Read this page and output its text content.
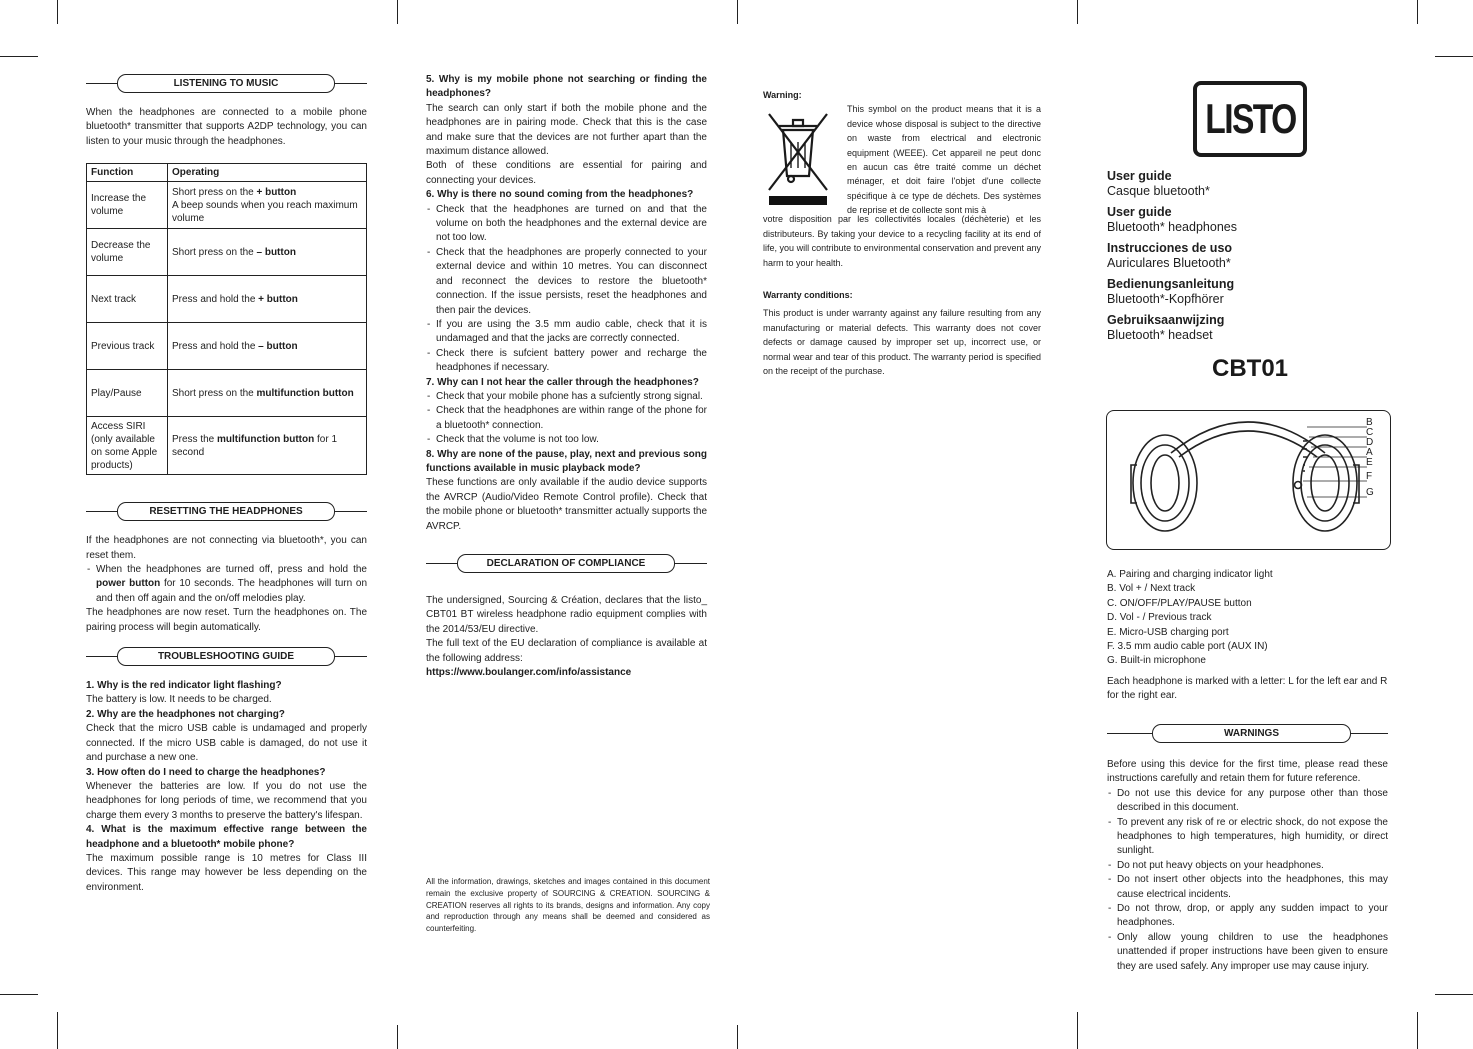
LISTENING TO MUSIC

When the headphones are connected to a mobile phone bluetooth* transmitter that supports A2DP technology, you can listen to your music through the headphones.

Function	Operating
Increase the volume	Short press on the + button
A beep sounds when you reach maximum volume
Decrease the volume	Short press on the – button
Next track	Press and hold the + button
Previous track	Press and hold the – button
Play/Pause	Short press on the multifunction button
Access SIRI (only available on some Apple products)	Press the multifunction button for 1 second
RESETTING THE HEADPHONES

If the headphones are not connecting via bluetooth*, you can reset them.

- When the headphones are turned off, press and hold the power button for 10 seconds. The headphones will turn on and then off again and the on/off melodies play.

The headphones are now reset. Turn the headphones on. The pairing process will begin automatically.

TROUBLESHOOTING GUIDE

1. Why is the red indicator light flashing?

The battery is low. It needs to be charged.

2. Why are the headphones not charging?

Check that the micro USB cable is undamaged and properly connected. If the micro USB cable is damaged, do not use it and purchase a new one.

3. How often do I need to charge the headphones?

Whenever the batteries are low. If you do not use the headphones for long periods of time, we recommend that you charge them every 3 months to preserve the battery's lifespan.

4. What is the maximum effective range between the headphone and a bluetooth* mobile phone?

The maximum possible range is 10 metres for Class III devices. This range may however be less depending on the environment.

5. Why is my mobile phone not searching or finding the headphones?

The search can only start if both the mobile phone and the headphones are in pairing mode. Check that this is the case and make sure that the devices are not further apart than the maximum distance allowed.

Both of these conditions are essential for pairing and connecting your devices.

6. Why is there no sound coming from the headphones?

- Check that the headphones are turned on and that the volume on both the headphones and the external device are not too low.
- Check that the headphones are properly connected to your external device and within 10 metres. You can disconnect and reconnect the devices to restore the bluetooth* connection. If the issue persists, reset the headphones and then pair the devices.
- If you are using the 3.5 mm audio cable, check that it is undamaged and that the jacks are correctly connected.
- Check there is sufcient battery power and recharge the headphones if necessary.

7. Why can I not hear the caller through the headphones?

- Check that your mobile phone has a sufciently strong signal.
- Check that the headphones are within range of the phone for a bluetooth* connection.
- Check that the volume is not too low.

8. Why are none of the pause, play, next and previous song functions available in music playback mode?

These functions are only available if the audio device supports the AVRCP (Audio/Video Remote Control profile). Check that the mobile phone or bluetooth* transmitter actually supports the AVRCP.

DECLARATION OF COMPLIANCE

The undersigned, Sourcing & Création, declares that the listo_ CBT01 BT wireless headphone radio equipment complies with the 2014/53/EU directive.

The full text of the EU declaration of compliance is available at the following address:

https://www.boulanger.com/info/assistance

All the information, drawings, sketches and images contained in this document remain the exclusive property of SOURCING & CREATION. SOURCING & CREATION reserves all rights to its brands, designs and information. Any copy and reproduction through any means shall be deemed and considered as counterfeiting.
Warning:

This symbol on the product means that it is a device whose disposal is subject to the directive on waste from electrical and electronic equipment (WEEE). Cet appareil ne peut donc en aucun cas être traité comme un déchet ménager, et doit faire l'objet d'une collecte spécifique à ce type de déchets. Des systèmes de reprise et de collecte sont mis à

votre disposition par les collectivités locales (déchèterie) et les distributeurs. By taking your device to a recycling facility at its end of life, you will contribute to environmental conservation and prevent any harm to your health.

Warranty conditions:

This product is under warranty against any failure resulting from any manufacturing or material defects. This warranty does not cover defects or damage caused by improper set up, incorrect use, or normal wear and tear of this product. The warranty period is specified on the receipt of the purchase.

LISTO
User guide
Casque bluetooth*
User guide
Bluetooth* headphones
Instrucciones de uso
Auriculares Bluetooth*
Bedienungsanleitung
Bluetooth*-Kopfhörer
Gebruiksaanwijzing
Bluetooth* headset
CBT01
B
C
D
A
E
F
G
A. Pairing and charging indicator light
B. Vol + / Next track
C. ON/OFF/PLAY/PAUSE button
D. Vol - / Previous track
E. Micro-USB charging port
F. 3.5 mm audio cable port (AUX IN)
G. Built-in microphone

Each headphone is marked with a letter: L for the left ear and R for the right ear.

WARNINGS

Before using this device for the first time, please read these instructions carefully and retain them for future reference.

- Do not use this device for any purpose other than those described in this document.
- To prevent any risk of re or electric shock, do not expose the headphones to high temperatures, high humidity, or direct sunlight.
- Do not put heavy objects on your headphones.
- Do not insert other objects into the headphones, this may cause electrical incidents.
- Do not throw, drop, or apply any sudden impact to your headphones.
- Only allow young children to use the headphones unattended if proper instructions have been given to ensure they are used safely. Any improper use may cause injury.
